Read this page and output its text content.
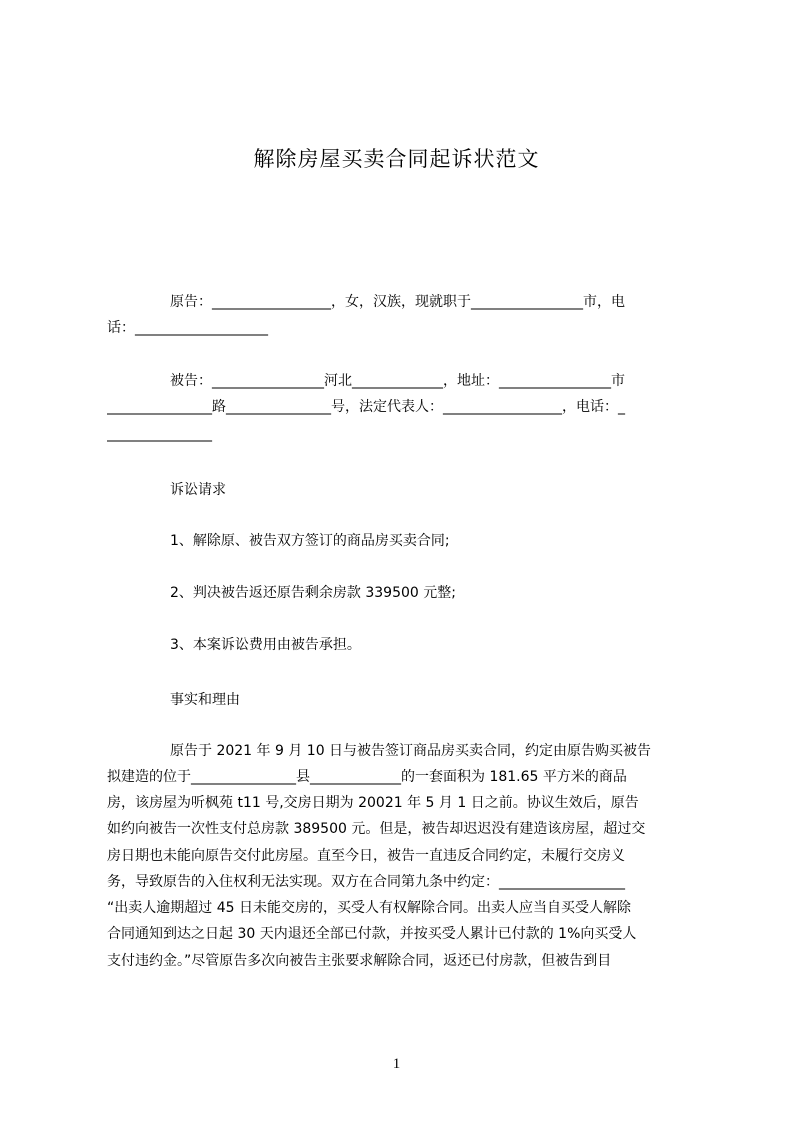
解除房屋买卖合同起诉状范文
原告：_________________，女，汉族，现就职于________________市，电
话：___________________
被告：________________河北_____________，地址：________________市
_______________路_______________号，法定代表人：_________________，电话：_
_______________
诉讼请求
1、解除原、被告双方签订的商品房买卖合同;
2、判决被告返还原告剩余房款 339500 元整;
3、本案诉讼费用由被告承担。
事实和理由
原告于 2021 年 9 月 10 日与被告签订商品房买卖合同，约定由原告购买被告
拟建造的位于_______________县_____________的一套面积为 181.65 平方米的商品
房，该房屋为听枫苑 t11 号,交房日期为 20021 年 5 月 1 日之前。协议生效后，原告
如约向被告一次性支付总房款 389500 元。但是，被告却迟迟没有建造该房屋，超过交
房日期也未能向原告交付此房屋。直至今日，被告一直违反合同约定，未履行交房义
务，导致原告的入住权利无法实现。双方在合同第九条中约定：__________________
“出卖人逾期超过 45 日未能交房的，买受人有权解除合同。出卖人应当自买受人解除
合同通知到达之日起 30 天内退还全部已付款，并按买受人累计已付款的 1%向买受人
支付违约金。”尽管原告多次向被告主张要求解除合同，返还已付房款，但被告到目
1
